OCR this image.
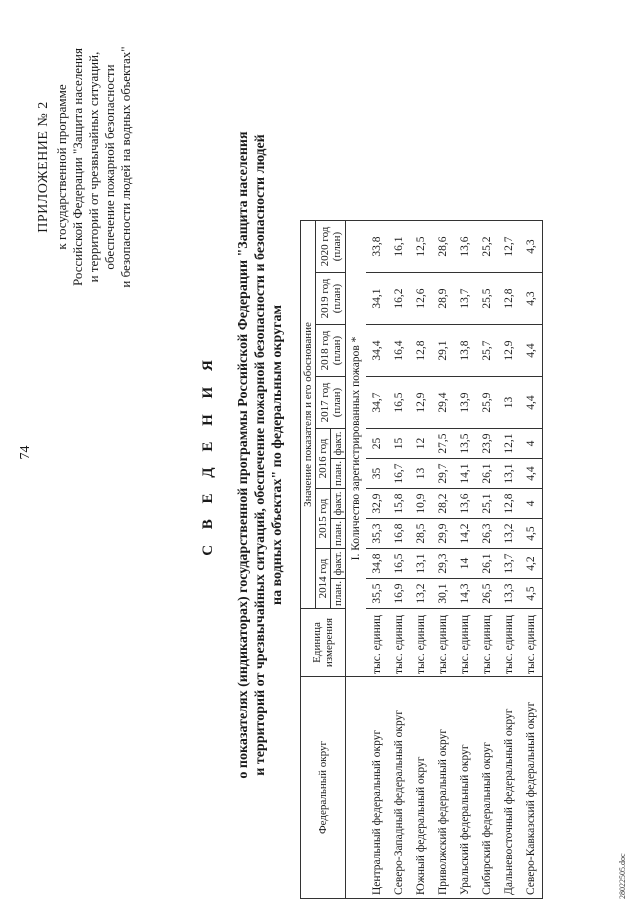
74
ПРИЛОЖЕНИЕ № 2 к государственной программе Российской Федерации "Защита населения и территорий от чрезвычайных ситуаций, обеспечение пожарной безопасности и безопасности людей на водных объектах"
С В Е Д Е Н И Я о показателях (индикаторах) государственной программы Российской Федерации "Защита населения и территорий от чрезвычайных ситуаций, обеспечение пожарной безопасности и безопасности людей на водных объектах" по федеральным округам
Федеральный округ	Единица измерения	Значение показателя и его обоснование									
		2014 год		2015 год		2016 год		2017 год (план)	2018 год (план)	2019 год (план)	2020 год (план)
		план.	факт.	план.	факт.	план.	факт.				
	I. Количество зарегистрированных пожаров *										
Центральный федеральный округ	тыс. единиц	35,5	34,8	35,3	32,9	35	25	34,7	34,4	34,1	33,8
Северо-Западный федеральный округ	тыс. единиц	16,9	16,5	16,8	15,8	16,7	15	16,5	16,4	16,2	16,1
Южный федеральный округ	тыс. единиц	13,2	13,1	28,5	10,9	13	12	12,9	12,8	12,6	12,5
Приволжский федеральный округ	тыс. единиц	30,1	29,3	29,9	28,2	29,7	27,5	29,4	29,1	28,9	28,6
Уральский федеральный округ	тыс. единиц	14,3	14	14,2	13,6	14,1	13,5	13,9	13,8	13,7	13,6
Сибирский федеральный округ	тыс. единиц	26,5	26,1	26,3	25,1	26,1	23,9	25,9	25,7	25,5	25,2
Дальневосточный федеральный округ	тыс. единиц	13,3	13,7	13,2	12,8	13,1	12,1	13	12,9	12,8	12,7
Северо-Кавказский федеральный округ	тыс. единиц	4,5	4,2	4,5	4	4,4	4	4,4	4,4	4,3	4,3
28022505.doc
